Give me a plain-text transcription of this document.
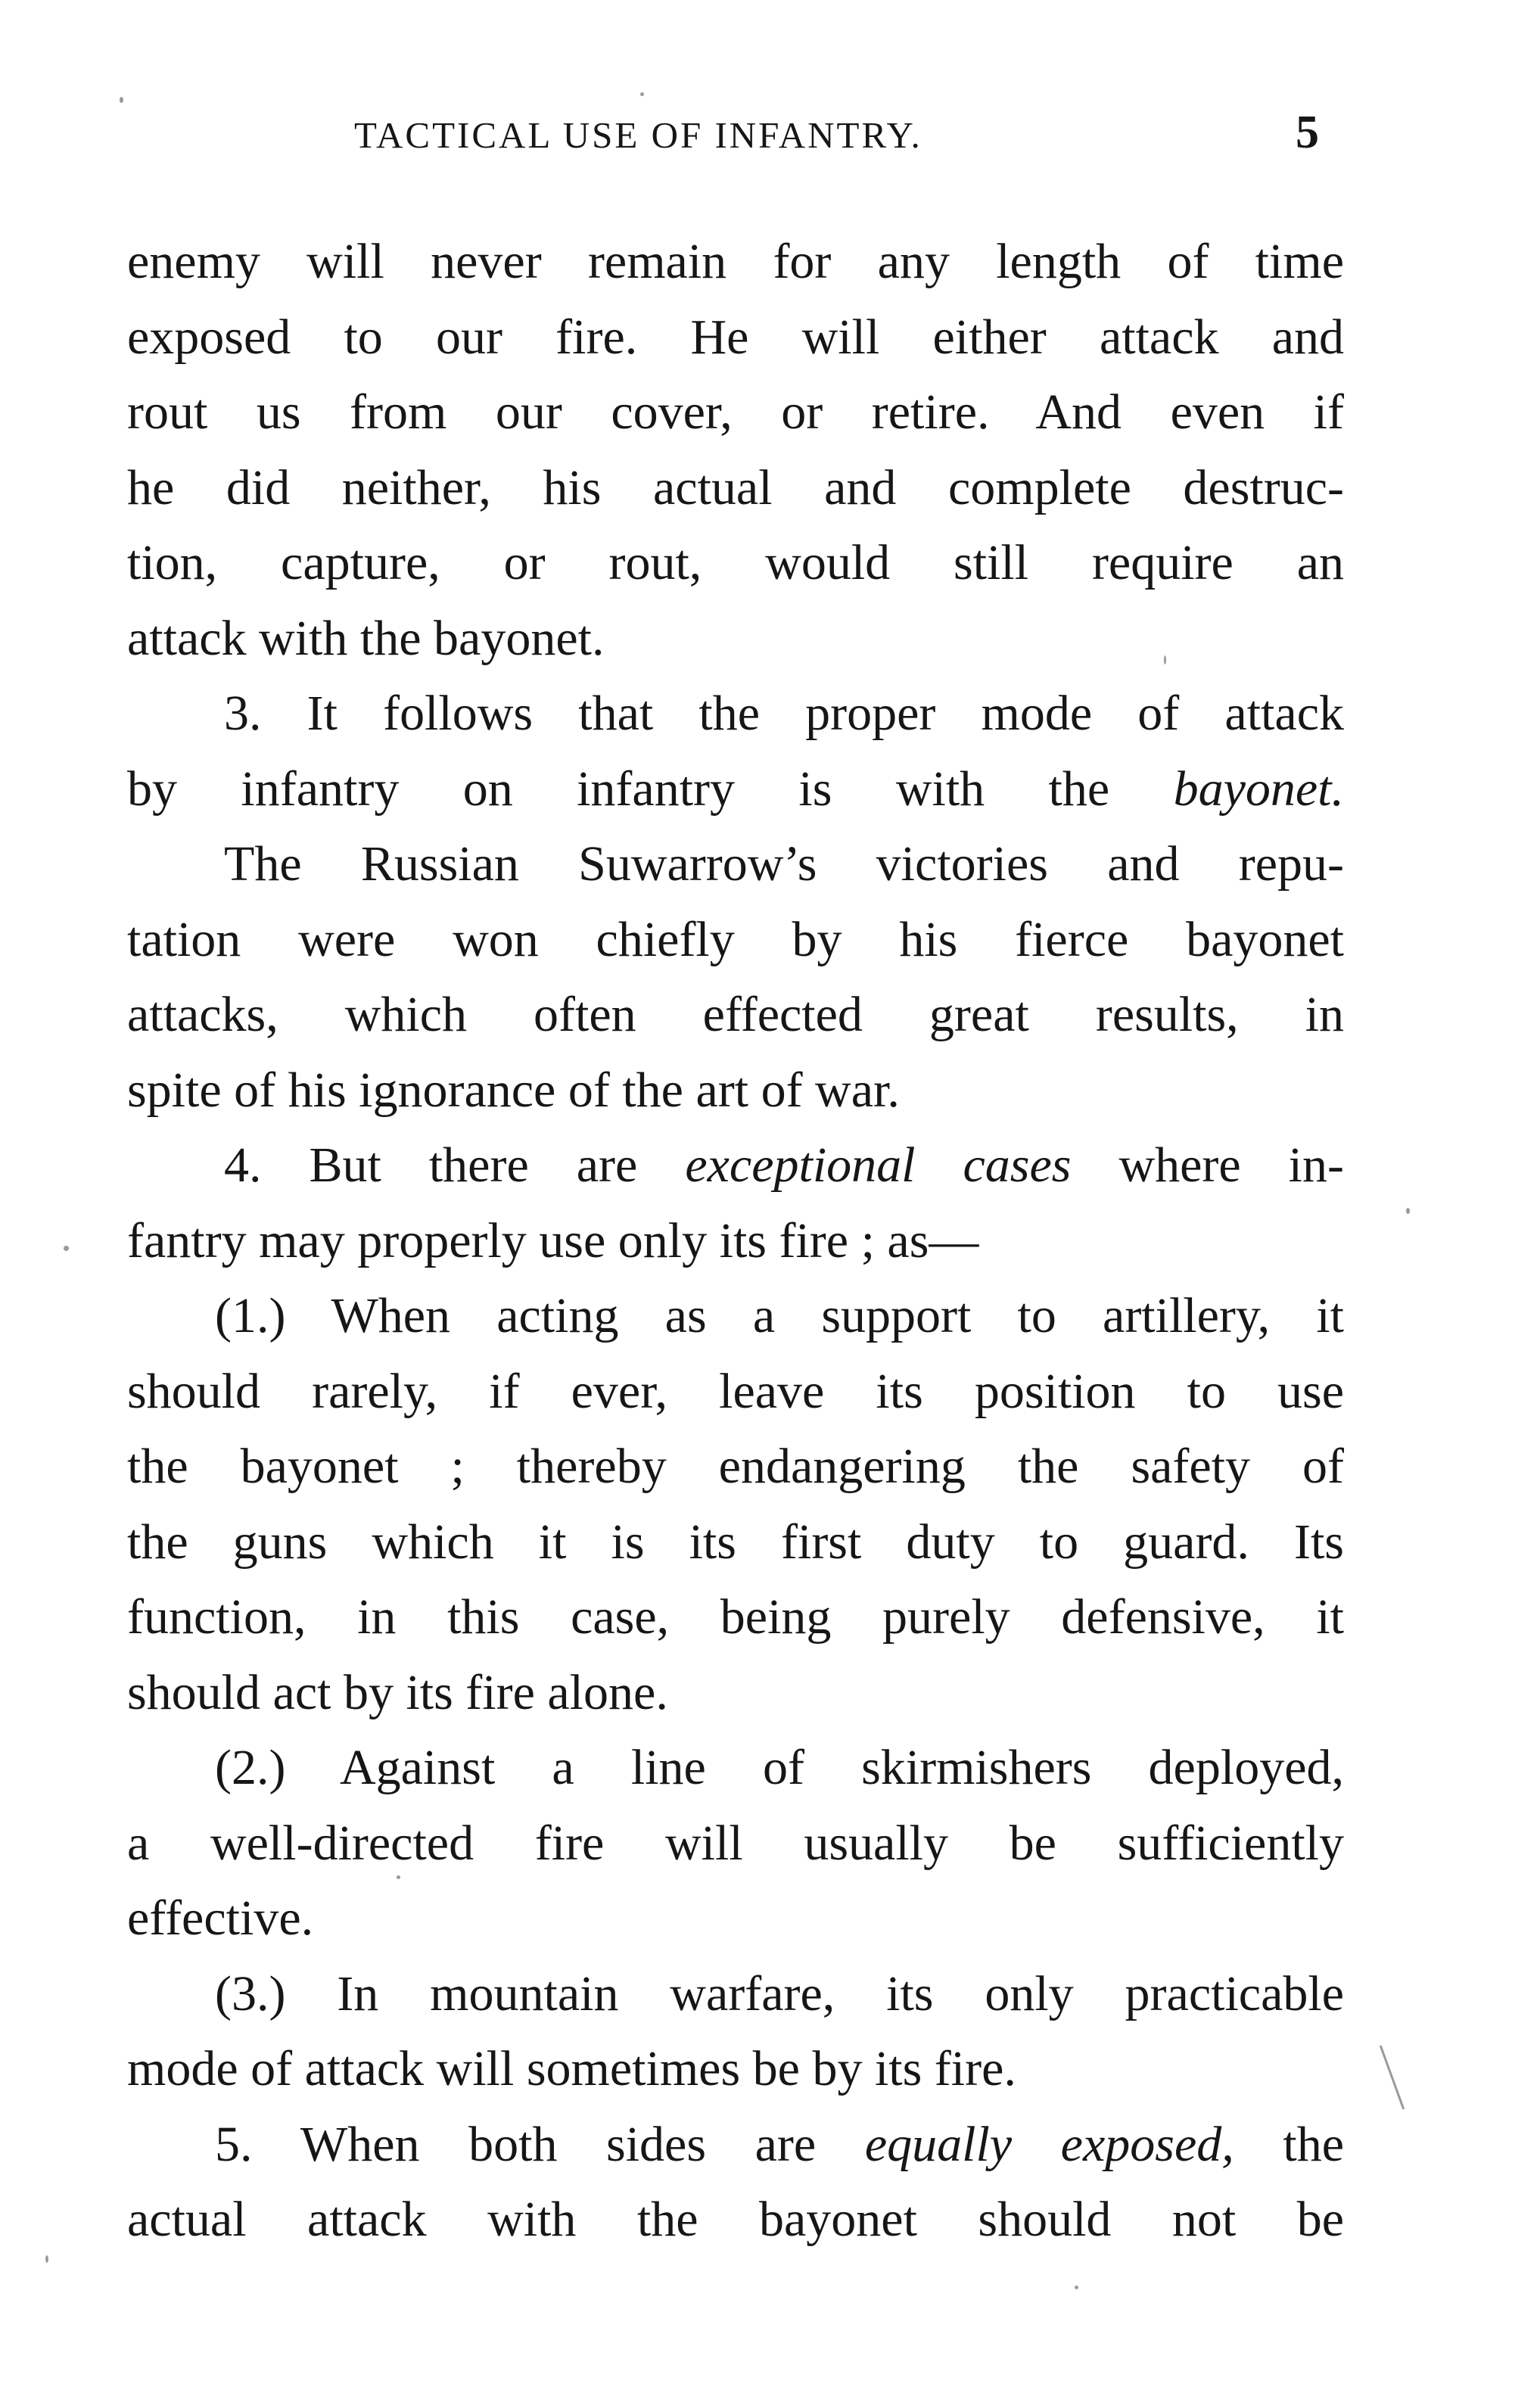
TACTICAL USE OF INFANTRY.	5
enemy will never remain for any length of time
exposed to our fire. He will either attack and
rout us from our cover, or retire. And even if
he did neither, his actual and complete destruc-
tion, capture, or rout, would still require an
attack with the bayonet.
3. It follows that the proper mode of attack
by infantry on infantry is with the bayonet.
The Russian Suwarrow’s victories and repu-
tation were won chiefly by his fierce bayonet
attacks, which often effected great results, in
spite of his ignorance of the art of war.
4. But there are exceptional cases where in-
fantry may properly use only its fire ; as—
(1.) When acting as a support to artillery, it
should rarely, if ever, leave its position to use
the bayonet ; thereby endangering the safety of
the guns which it is its first duty to guard. Its
function, in this case, being purely defensive, it
should act by its fire alone.
(2.) Against a line of skirmishers deployed,
a well-directed fire will usually be sufficiently
effective.
(3.) In mountain warfare, its only practicable
mode of attack will sometimes be by its fire.
5. When both sides are equally exposed, the
actual attack with the bayonet should not be
